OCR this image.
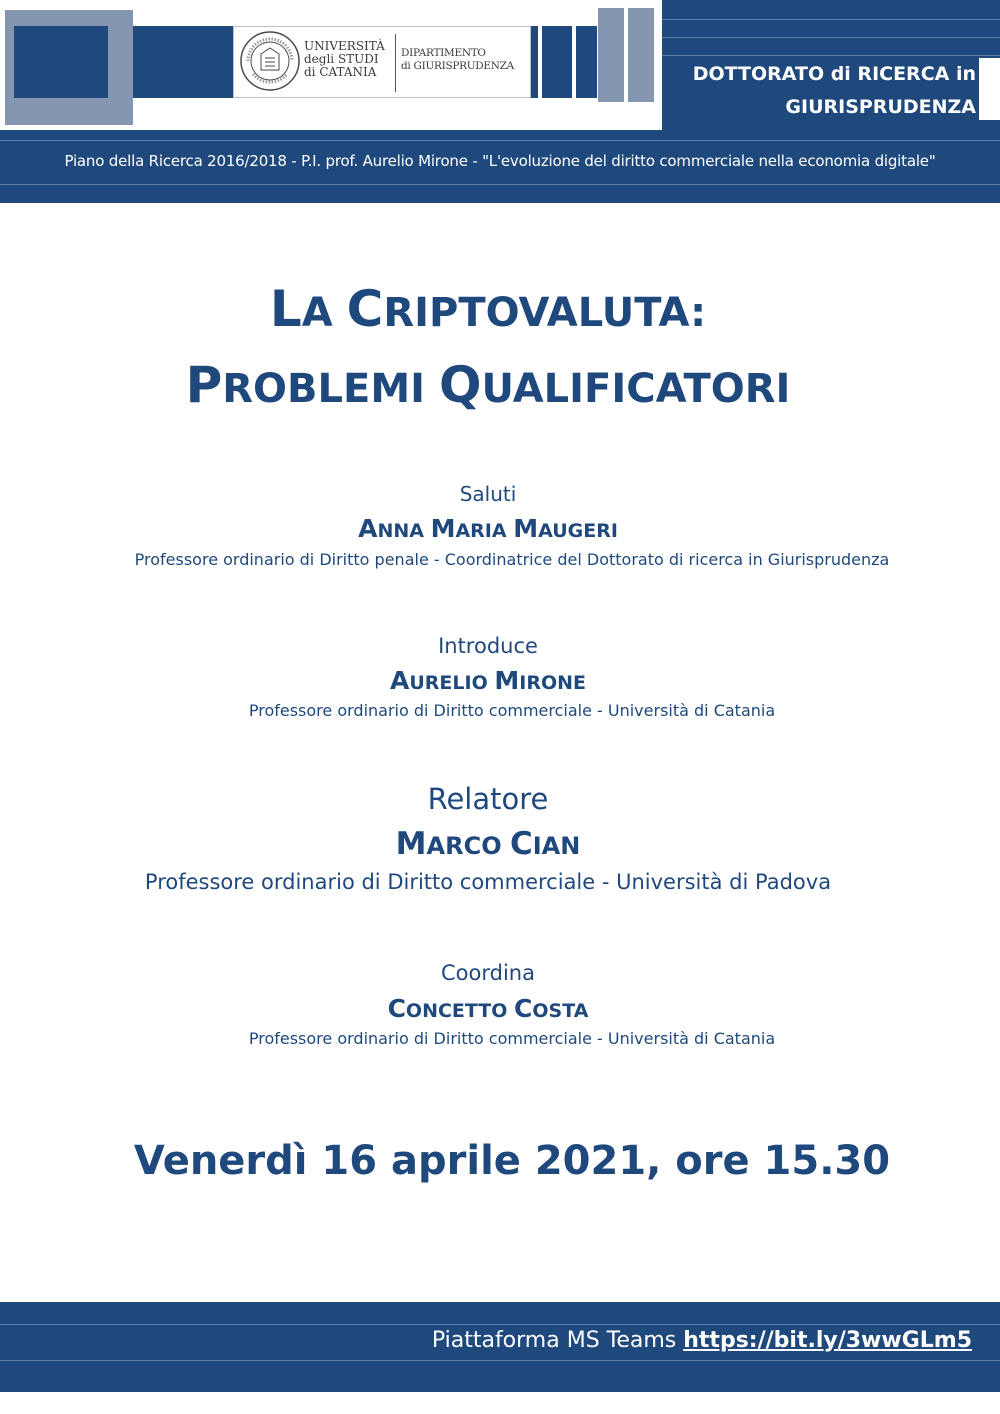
UNIVERSITÀ
degli STUDI
di CATANIA
DIPARTIMENTO
di GIURISPRUDENZA	DOTTORATO di RICERCA in
GIURISPRUDENZA
Piano della Ricerca 2016/2018 - P.I. prof. Aurelio Mirone - "L'evoluzione del diritto commerciale nella economia digitale"
LA CRIPTOVALUTA:
PROBLEMI QUALIFICATORI
Saluti
ANNA MARIA MAUGERI
Professore ordinario di Diritto penale - Coordinatrice del Dottorato di ricerca in Giurisprudenza
Introduce
AURELIO MIRONE
Professore ordinario di Diritto commerciale - Università di Catania
Relatore
MARCO CIAN
Professore ordinario di Diritto commerciale - Università di Padova
Coordina
CONCETTO COSTA
Professore ordinario di Diritto commerciale - Università di Catania
Venerdì 16 aprile 2021, ore 15.30
Piattaforma MS Teams https://bit.ly/3wwGLm5
.
